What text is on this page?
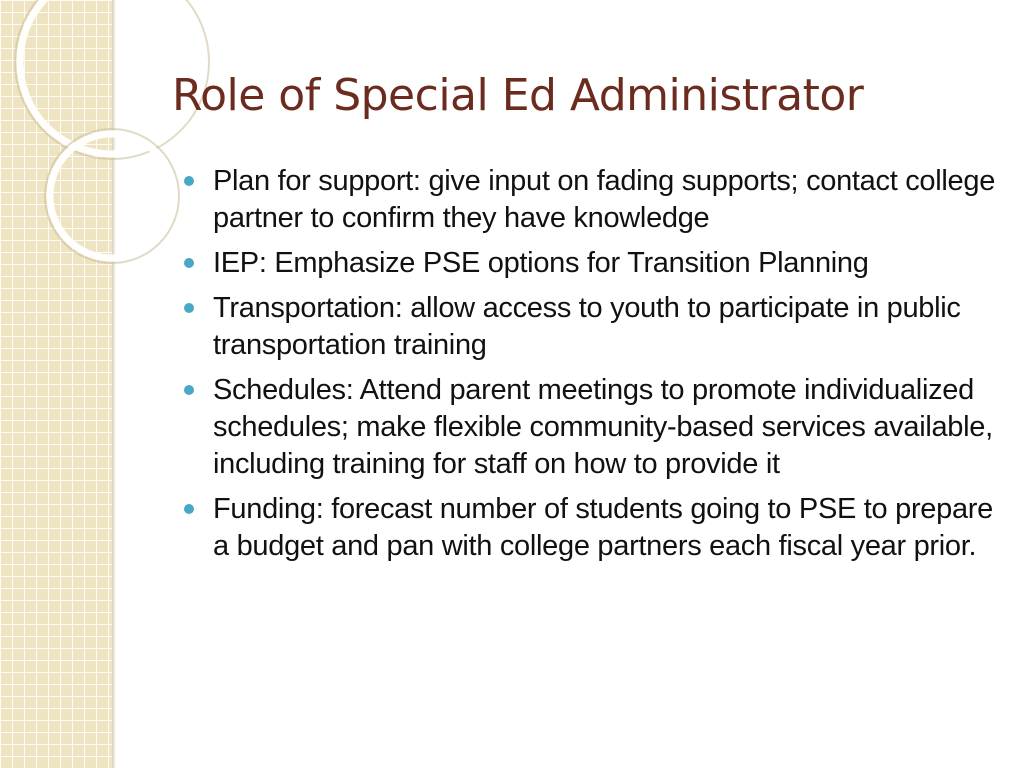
Role of Special Ed Administrator
Plan for support: give input on fading supports; contact college partner to confirm they have knowledge
IEP: Emphasize PSE options for Transition Planning
Transportation: allow access to youth to participate in public transportation training
Schedules: Attend parent meetings to promote individualized schedules; make flexible community-based services available, including training for staff on how to provide it
Funding: forecast number of students going to PSE to prepare a budget and pan with college partners each fiscal year prior.
